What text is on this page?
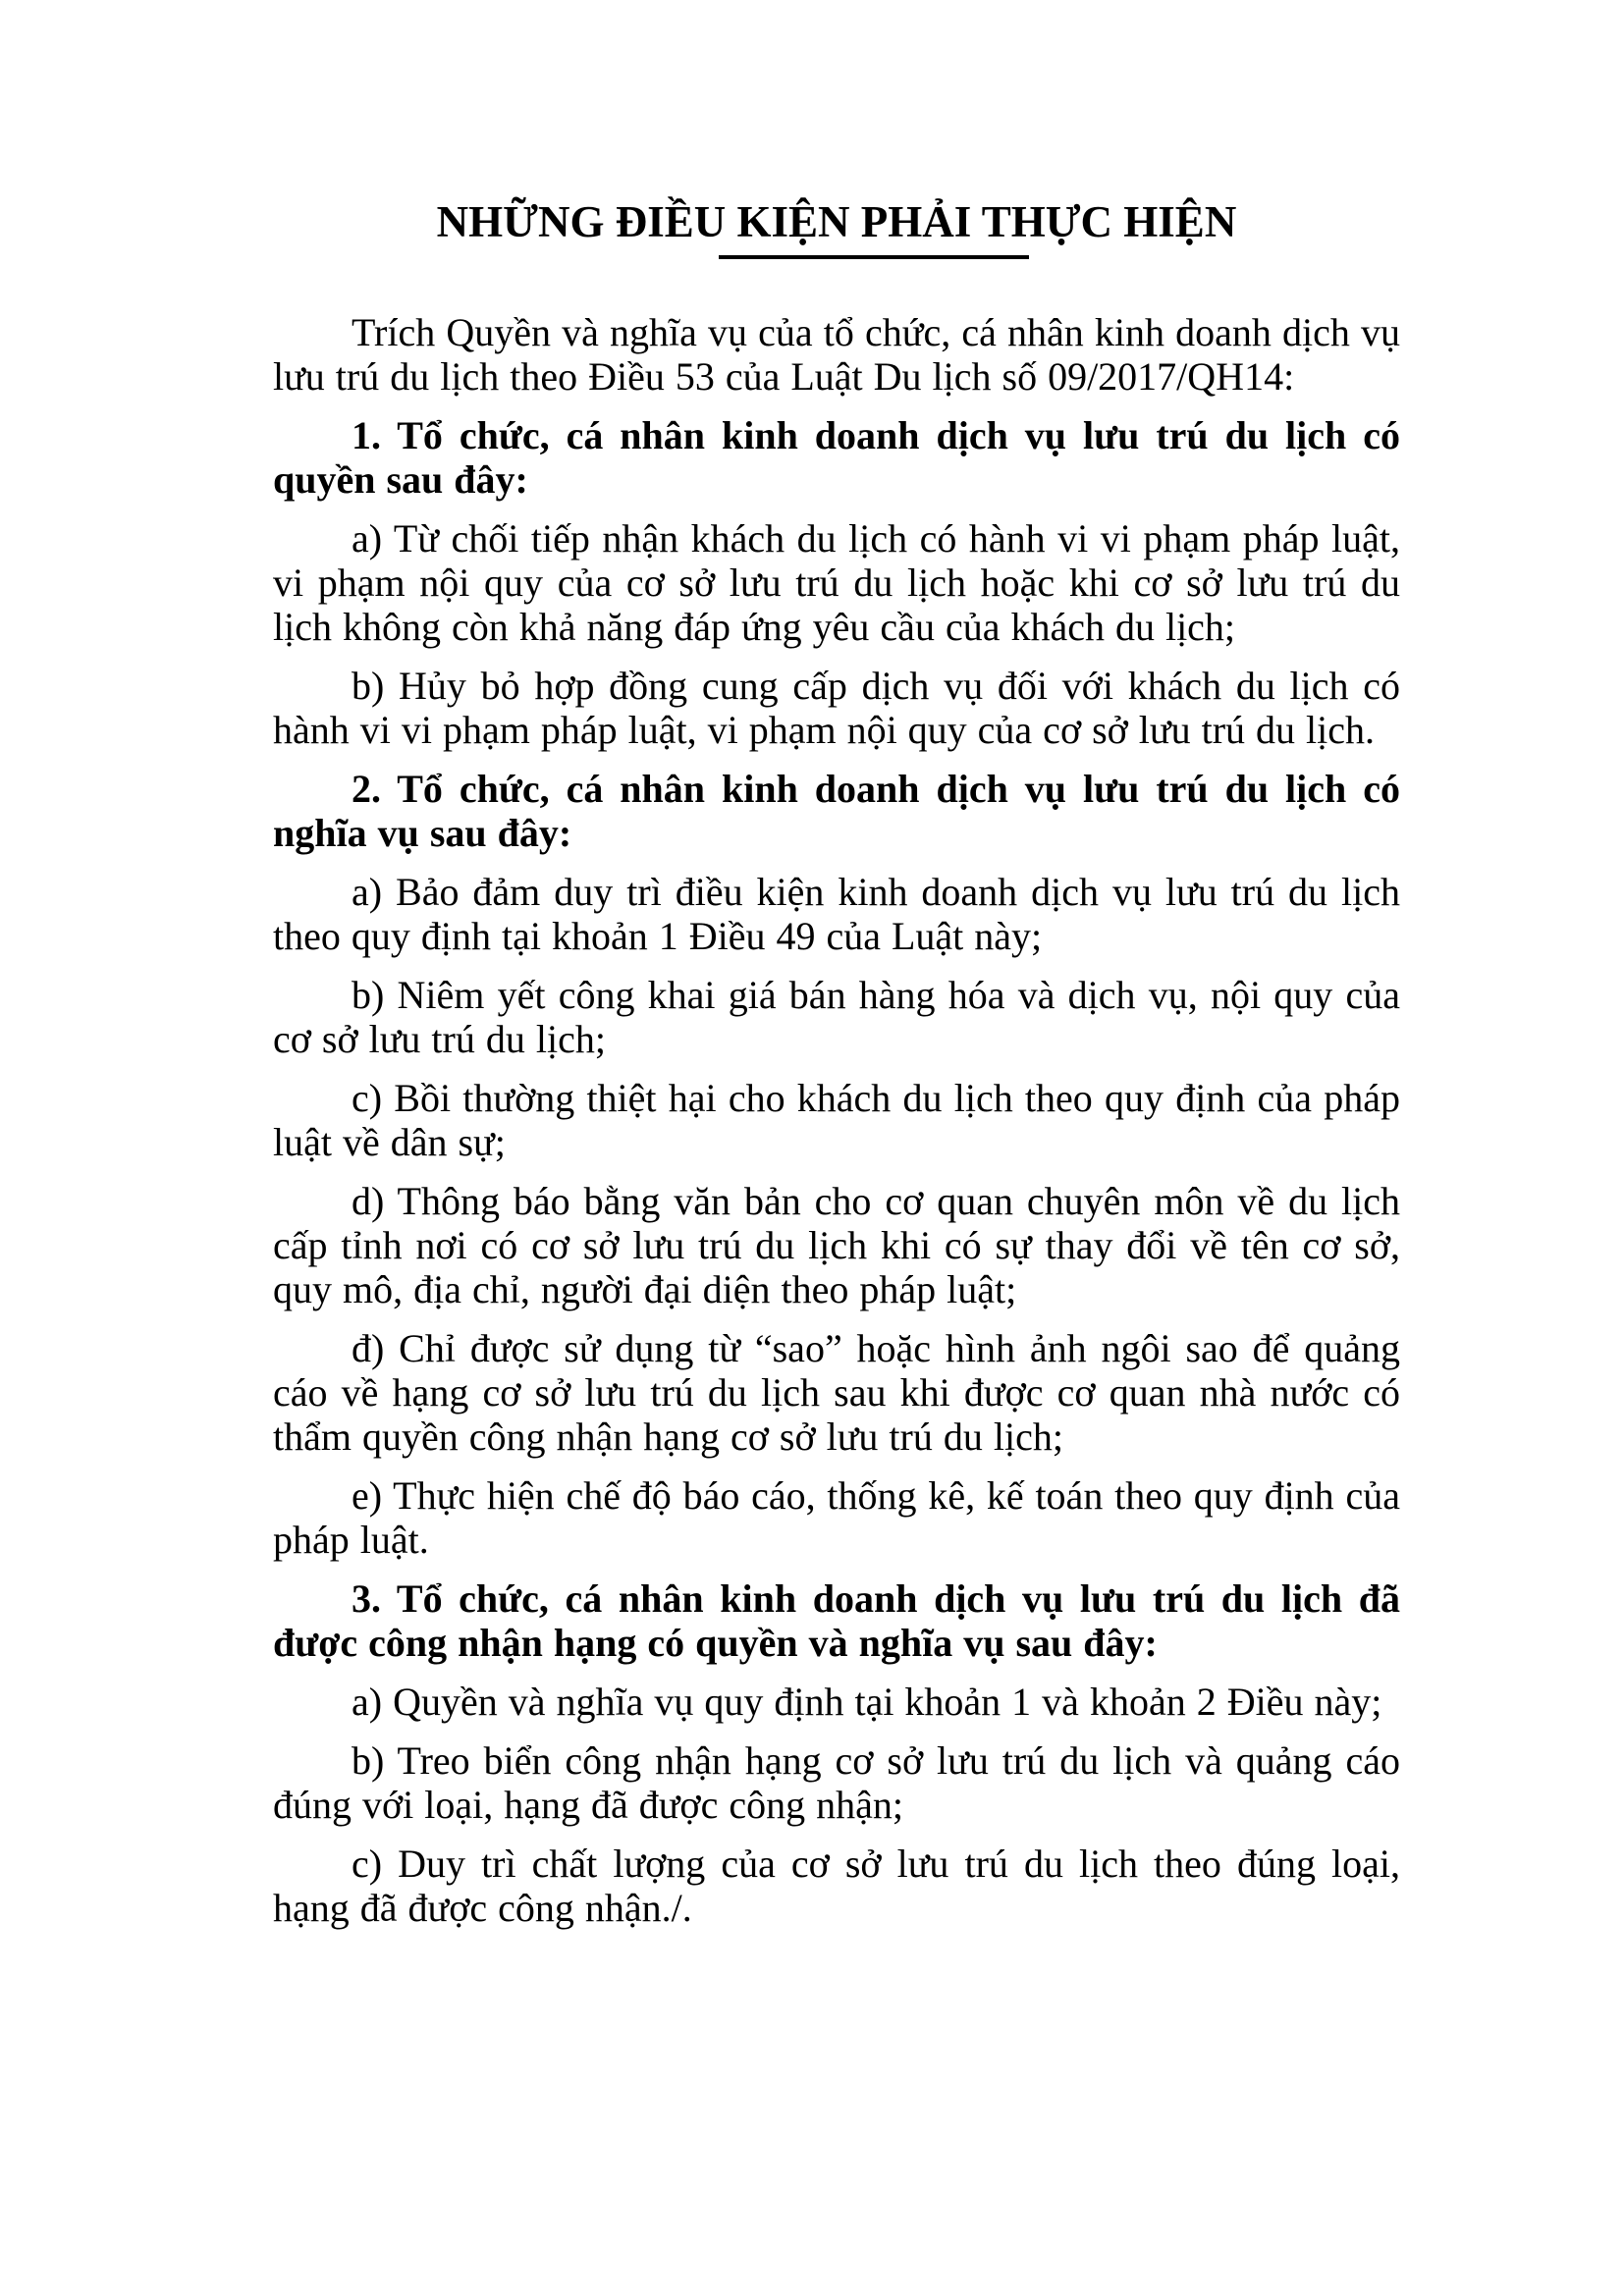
NHỮNG ĐIỀU KIỆN PHẢI THỰC HIỆN

Trích Quyền và nghĩa vụ của tổ chức, cá nhân kinh doanh dịch vụ lưu trú du lịch theo Điều 53 của Luật Du lịch số 09/2017/QH14:

1. Tổ chức, cá nhân kinh doanh dịch vụ lưu trú du lịch có quyền sau đây:

a) Từ chối tiếp nhận khách du lịch có hành vi vi phạm pháp luật, vi phạm nội quy của cơ sở lưu trú du lịch hoặc khi cơ sở lưu trú du lịch không còn khả năng đáp ứng yêu cầu của khách du lịch;

b) Hủy bỏ hợp đồng cung cấp dịch vụ đối với khách du lịch có hành vi vi phạm pháp luật, vi phạm nội quy của cơ sở lưu trú du lịch.

2. Tổ chức, cá nhân kinh doanh dịch vụ lưu trú du lịch có nghĩa vụ sau đây:

a) Bảo đảm duy trì điều kiện kinh doanh dịch vụ lưu trú du lịch theo quy định tại khoản 1 Điều 49 của Luật này;

b) Niêm yết công khai giá bán hàng hóa và dịch vụ, nội quy của cơ sở lưu trú du lịch;

c) Bồi thường thiệt hại cho khách du lịch theo quy định của pháp luật về dân sự;

d) Thông báo bằng văn bản cho cơ quan chuyên môn về du lịch cấp tỉnh nơi có cơ sở lưu trú du lịch khi có sự thay đổi về tên cơ sở, quy mô, địa chỉ, người đại diện theo pháp luật;

đ) Chỉ được sử dụng từ “sao” hoặc hình ảnh ngôi sao để quảng cáo về hạng cơ sở lưu trú du lịch sau khi được cơ quan nhà nước có thẩm quyền công nhận hạng cơ sở lưu trú du lịch;

e) Thực hiện chế độ báo cáo, thống kê, kế toán theo quy định của pháp luật.

3. Tổ chức, cá nhân kinh doanh dịch vụ lưu trú du lịch đã được công nhận hạng có quyền và nghĩa vụ sau đây:

a) Quyền và nghĩa vụ quy định tại khoản 1 và khoản 2 Điều này;

b) Treo biển công nhận hạng cơ sở lưu trú du lịch và quảng cáo đúng với loại, hạng đã được công nhận;

c) Duy trì chất lượng của cơ sở lưu trú du lịch theo đúng loại, hạng đã được công nhận./.
